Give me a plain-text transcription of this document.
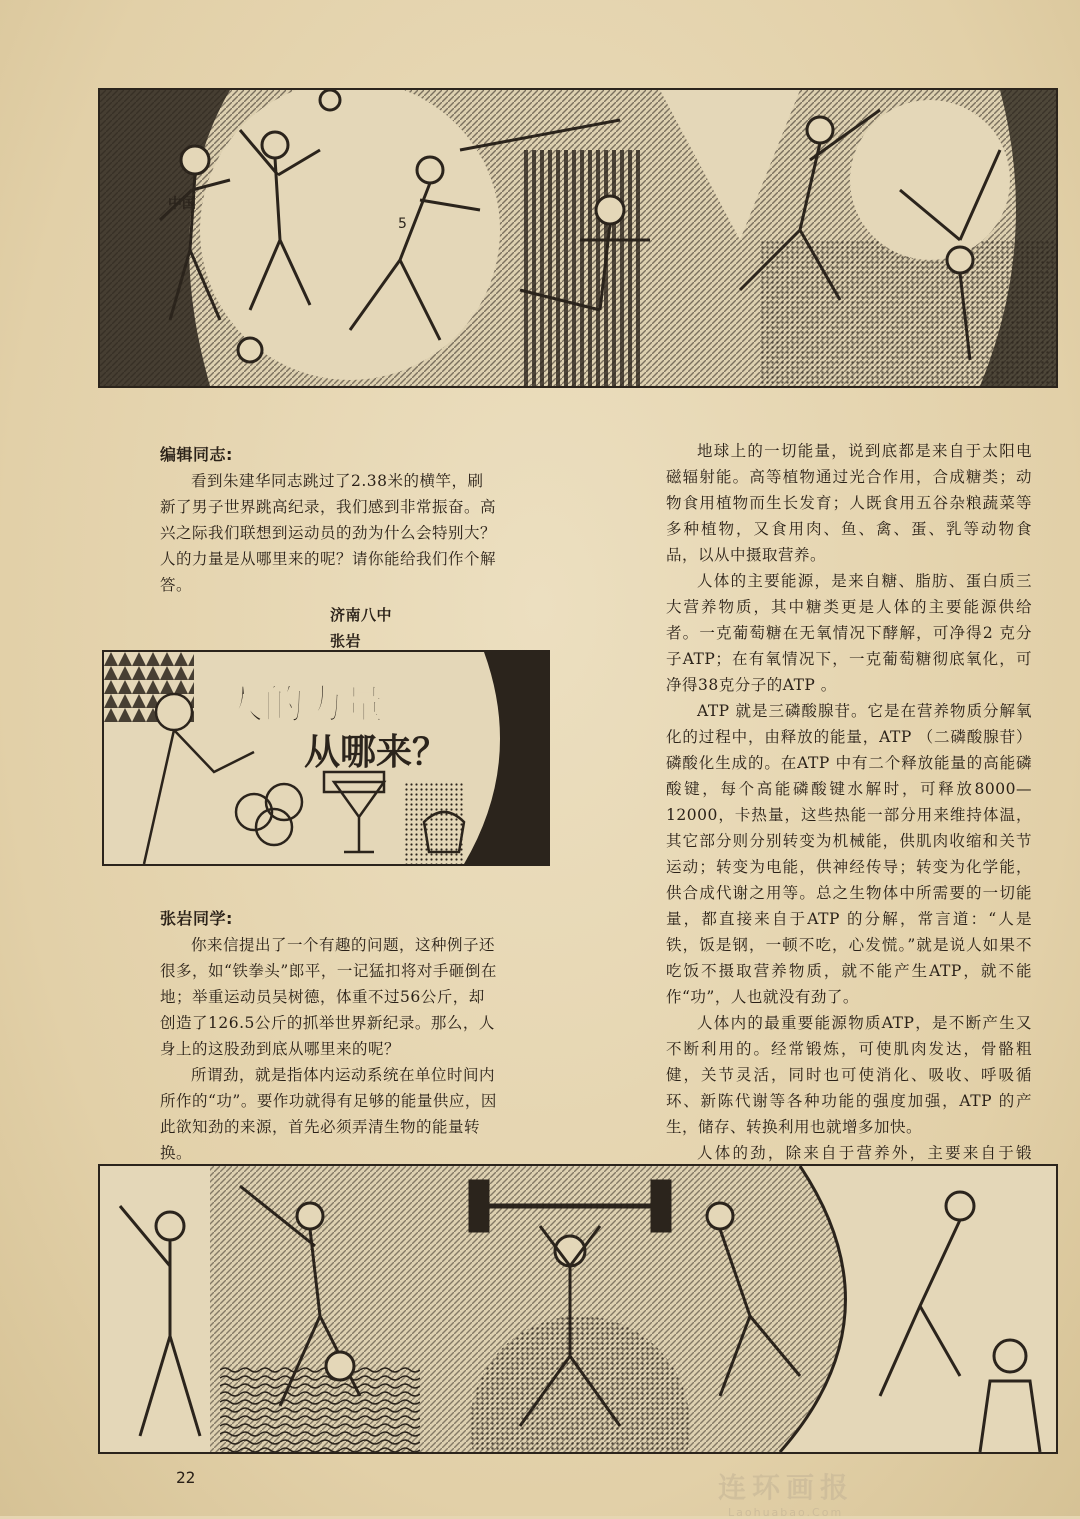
中国
5
编辑同志:

看到朱建华同志跳过了2.38米的横竿，刷新了男子世界跳高纪录，我们感到非常振奋。高兴之际我们联想到运动员的劲为什么会特别大？人的力量是从哪里来的呢？请你能给我们作个解答。

济南八中张岩
人的力量
从哪来？
张岩同学:

你来信提出了一个有趣的问题，这种例子还很多，如“铁拳头”郎平，一记猛扣将对手砸倒在地；举重运动员吴树德，体重不过56公斤，却创造了126.5公斤的抓举世界新纪录。那么，人身上的这股劲到底从哪里来的呢？

所谓劲，就是指体内运动系统在单位时间内所作的“功”。要作功就得有足够的能量供应，因此欲知劲的来源，首先必须弄清生物的能量转换。

地球上的一切能量，说到底都是来自于太阳电磁辐射能。高等植物通过光合作用，合成糖类；动物食用植物而生长发育；人既食用五谷杂粮蔬菜等多种植物，又食用肉、鱼、禽、蛋、乳等动物食品，以从中摄取营养。

人体的主要能源，是来自糖、脂肪、蛋白质三大营养物质，其中糖类更是人体的主要能源供给者。一克葡萄糖在无氧情况下酵解，可净得2 克分子ATP；在有氧情况下，一克葡萄糖彻底氧化，可净得38克分子的ATP 。

ATP 就是三磷酸腺苷。它是在营养物质分解氧化的过程中，由释放的能量，ATP （二磷酸腺苷）磷酸化生成的。在ATP 中有二个释放能量的高能磷酸键，每个高能磷酸键水解时，可释放8000—12000，卡热量，这些热能一部分用来维持体温，其它部分则分别转变为机械能，供肌肉收缩和关节运动；转变为电能，供神经传导；转变为化学能，供合成代谢之用等。总之生物体中所需要的一切能量，都直接来自于ATP 的分解，常言道：“人是铁，饭是钢，一顿不吃，心发慌。”就是说人如果不吃饭不摄取营养物质，就不能产生ATP，就不能作“功”，人也就没有劲了。

人体内的最重要能源物质ATP，是不断产生又不断利用的。经常锻炼，可使肌肉发达，骨骼粗健，关节灵活，同时也可使消化、吸收、呼吸循环、新陈代谢等各种功能的强度加强，ATP 的产生，储存、转换利用也就增多加快。

人体的劲，除来自于营养外，主要来自于锻

22	连环画报
Laohuabao.Com
